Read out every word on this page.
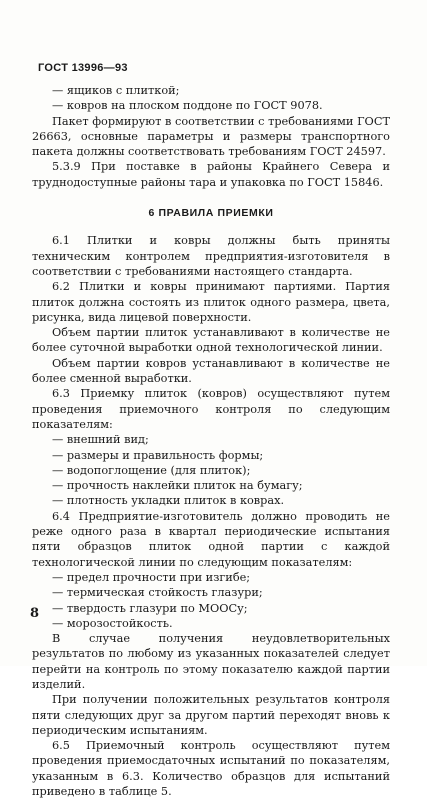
ГОСТ 13996—93

— ящиков с плиткой;

— ковров на плоском поддоне по ГОСТ 9078.

Пакет формируют в соответствии с требованиями ГОСТ 26663, основные параметры и размеры транспортного пакета должны соответствовать требованиям ГОСТ 24597.

5.3.9 При поставке в районы Крайнего Севера и труднодоступные районы тара и упаковка по ГОСТ 15846.

6 ПРАВИЛА ПРИЕМКИ

6.1 Плитки и ковры должны быть приняты техническим контролем предприятия-изготовителя в соответствии с требованиями настоящего стандарта.

6.2 Плитки и ковры принимают партиями. Партия плиток должна состоять из плиток одного размера, цвета, рисунка, вида лицевой поверхности.

Объем партии плиток устанавливают в количестве не более суточной выработки одной технологической линии.

Объем партии ковров устанавливают в количестве не более сменной выработки.

6.3 Приемку плиток (ковров) осуществляют путем проведения приемочного контроля по следующим показателям:

— внешний вид;

— размеры и правильность формы;

— водопоглощение (для плиток);

— прочность наклейки плиток на бумагу;

— плотность укладки плиток в коврах.

6.4 Предприятие-изготовитель должно проводить не реже одного раза в квартал периодические испытания пяти образцов плиток одной партии с каждой технологической линии по следующим показателям:

— предел прочности при изгибе;

— термическая стойкость глазури;

— твердость глазури по МООСу;

— морозостойкость.

В случае получения неудовлетворительных результатов по любому из указанных показателей следует перейти на контроль по этому показателю каждой партии изделий.

При получении положительных результатов контроля пяти следующих друг за другом партий переходят вновь к периодическим испытаниям.

6.5 Приемочный контроль осуществляют путем проведения приемосдаточных испытаний по показателям, указанным в 6.3. Количество образцов для испытаний приведено в таблице 5.

8
